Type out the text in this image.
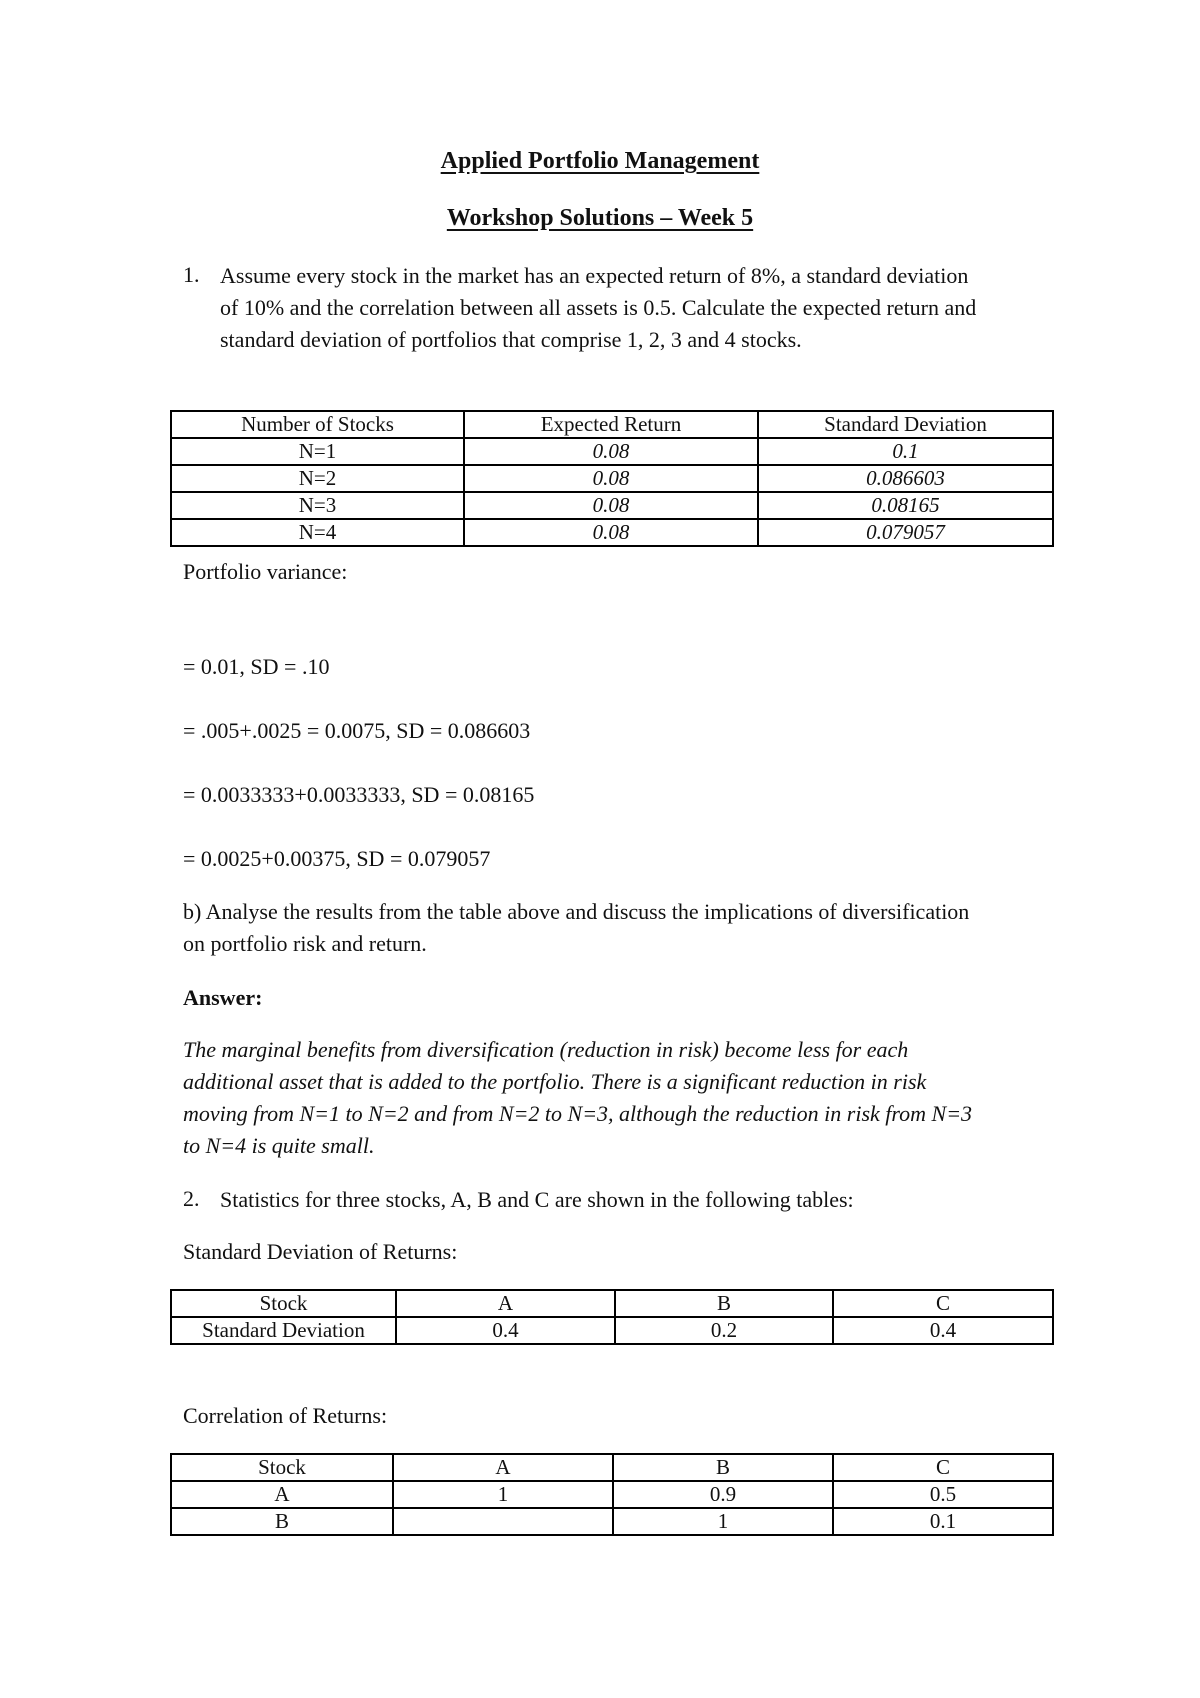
Applied Portfolio Management
Workshop Solutions – Week 5
1. Assume every stock in the market has an expected return of 8%, a standard deviation
of 10% and the correlation between all assets is 0.5. Calculate the expected return and
standard deviation of portfolios that comprise 1, 2, 3 and 4 stocks.
Number of Stocks	Expected Return	Standard Deviation
N=1	0.08	0.1
N=2	0.08	0.086603
N=3	0.08	0.08165
N=4	0.08	0.079057
Portfolio variance:
= 0.01, SD = .10
= .005+.0025 = 0.0075, SD = 0.086603
= 0.0033333+0.0033333, SD = 0.08165
= 0.0025+0.00375, SD = 0.079057
b) Analyse the results from the table above and discuss the implications of diversification
on portfolio risk and return.
Answer:
The marginal benefits from diversification (reduction in risk) become less for each
additional asset that is added to the portfolio. There is a significant reduction in risk
moving from N=1 to N=2 and from N=2 to N=3, although the reduction in risk from N=3
to N=4 is quite small.
2. Statistics for three stocks, A, B and C are shown in the following tables:
Standard Deviation of Returns:
Stock	A	B	C
Standard Deviation	0.4	0.2	0.4
Correlation of Returns:
Stock	A	B	C
A	1	0.9	0.5
B		1	0.1
